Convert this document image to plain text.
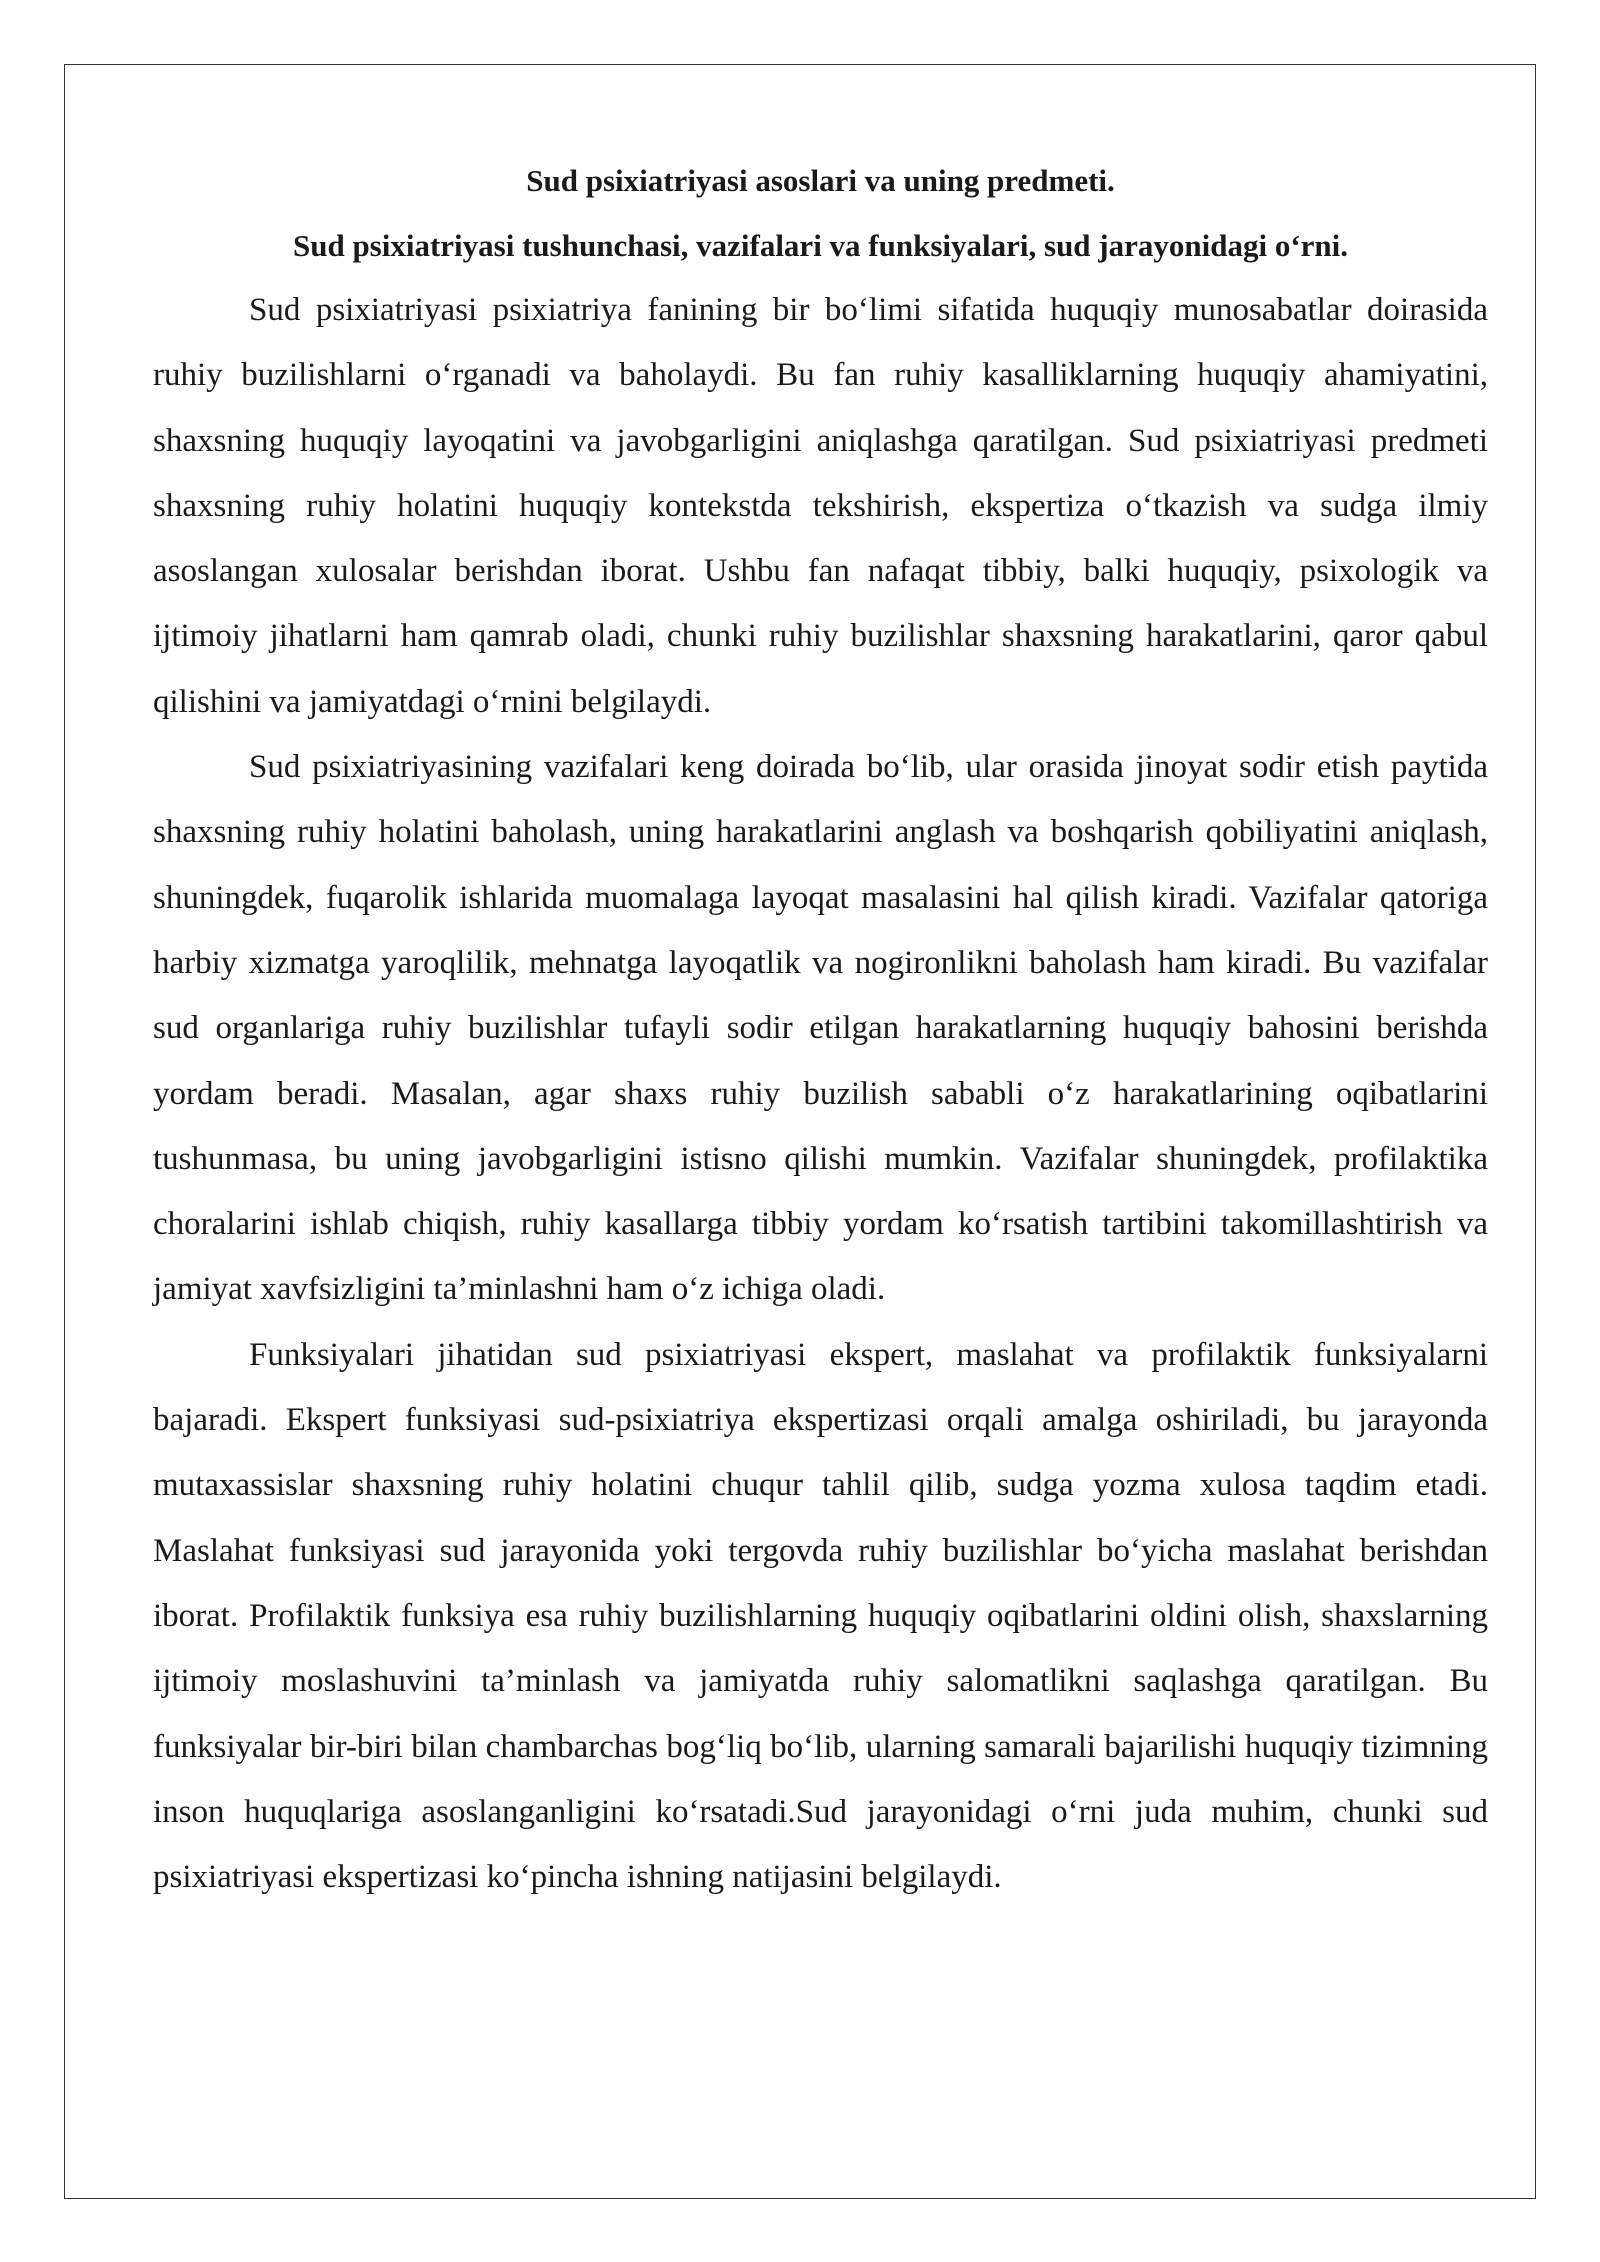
Sud psixiatriyasi asoslari va uning predmeti.

Sud psixiatriyasi tushunchasi, vazifalari va funksiyalari, sud jarayonidagi o‘rni.

Sud psixiatriyasi psixiatriya fanining bir bo‘limi sifatida huquqiy munosabatlar doirasida ruhiy buzilishlarni o‘rganadi va baholaydi. Bu fan ruhiy kasalliklarning huquqiy ahamiyatini, shaxsning huquqiy layoqatini va javobgarligini aniqlashga qaratilgan. Sud psixiatriyasi predmeti shaxsning ruhiy holatini huquqiy kontekstda tekshirish, ekspertiza o‘tkazish va sudga ilmiy asoslangan xulosalar berishdan iborat. Ushbu fan nafaqat tibbiy, balki huquqiy, psixologik va ijtimoiy jihatlarni ham qamrab oladi, chunki ruhiy buzilishlar shaxsning harakatlarini, qaror qabul qilishini va jamiyatdagi o‘rnini belgilaydi.

Sud psixiatriyasining vazifalari keng doirada bo‘lib, ular orasida jinoyat sodir etish paytida shaxsning ruhiy holatini baholash, uning harakatlarini anglash va boshqarish qobiliyatini aniqlash, shuningdek, fuqarolik ishlarida muomalaga layoqat masalasini hal qilish kiradi. Vazifalar qatoriga harbiy xizmatga yaroqlilik, mehnatga layoqatlik va nogironlikni baholash ham kiradi. Bu vazifalar sud organlariga ruhiy buzilishlar tufayli sodir etilgan harakatlarning huquqiy bahosini berishda yordam beradi. Masalan, agar shaxs ruhiy buzilish sababli o‘z harakatlarining oqibatlarini tushunmasa, bu uning javobgarligini istisno qilishi mumkin. Vazifalar shuningdek, profilaktika choralarini ishlab chiqish, ruhiy kasallarga tibbiy yordam ko‘rsatish tartibini takomillashtirish va jamiyat xavfsizligini ta’minlashni ham o‘z ichiga oladi.

Funksiyalari jihatidan sud psixiatriyasi ekspert, maslahat va profilaktik funksiyalarni bajaradi. Ekspert funksiyasi sud-psixiatriya ekspertizasi orqali amalga oshiriladi, bu jarayonda mutaxassislar shaxsning ruhiy holatini chuqur tahlil qilib, sudga yozma xulosa taqdim etadi. Maslahat funksiyasi sud jarayonida yoki tergovda ruhiy buzilishlar bo‘yicha maslahat berishdan iborat. Profilaktik funksiya esa ruhiy buzilishlarning huquqiy oqibatlarini oldini olish, shaxslarning ijtimoiy moslashuvini ta’minlash va jamiyatda ruhiy salomatlikni saqlashga qaratilgan. Bu funksiyalar bir-biri bilan chambarchas bog‘liq bo‘lib, ularning samarali bajarilishi huquqiy tizimning inson huquqlariga asoslanganligini ko‘rsatadi.Sud jarayonidagi o‘rni juda muhim, chunki sud psixiatriyasi ekspertizasi ko‘pincha ishning natijasini belgilaydi.
